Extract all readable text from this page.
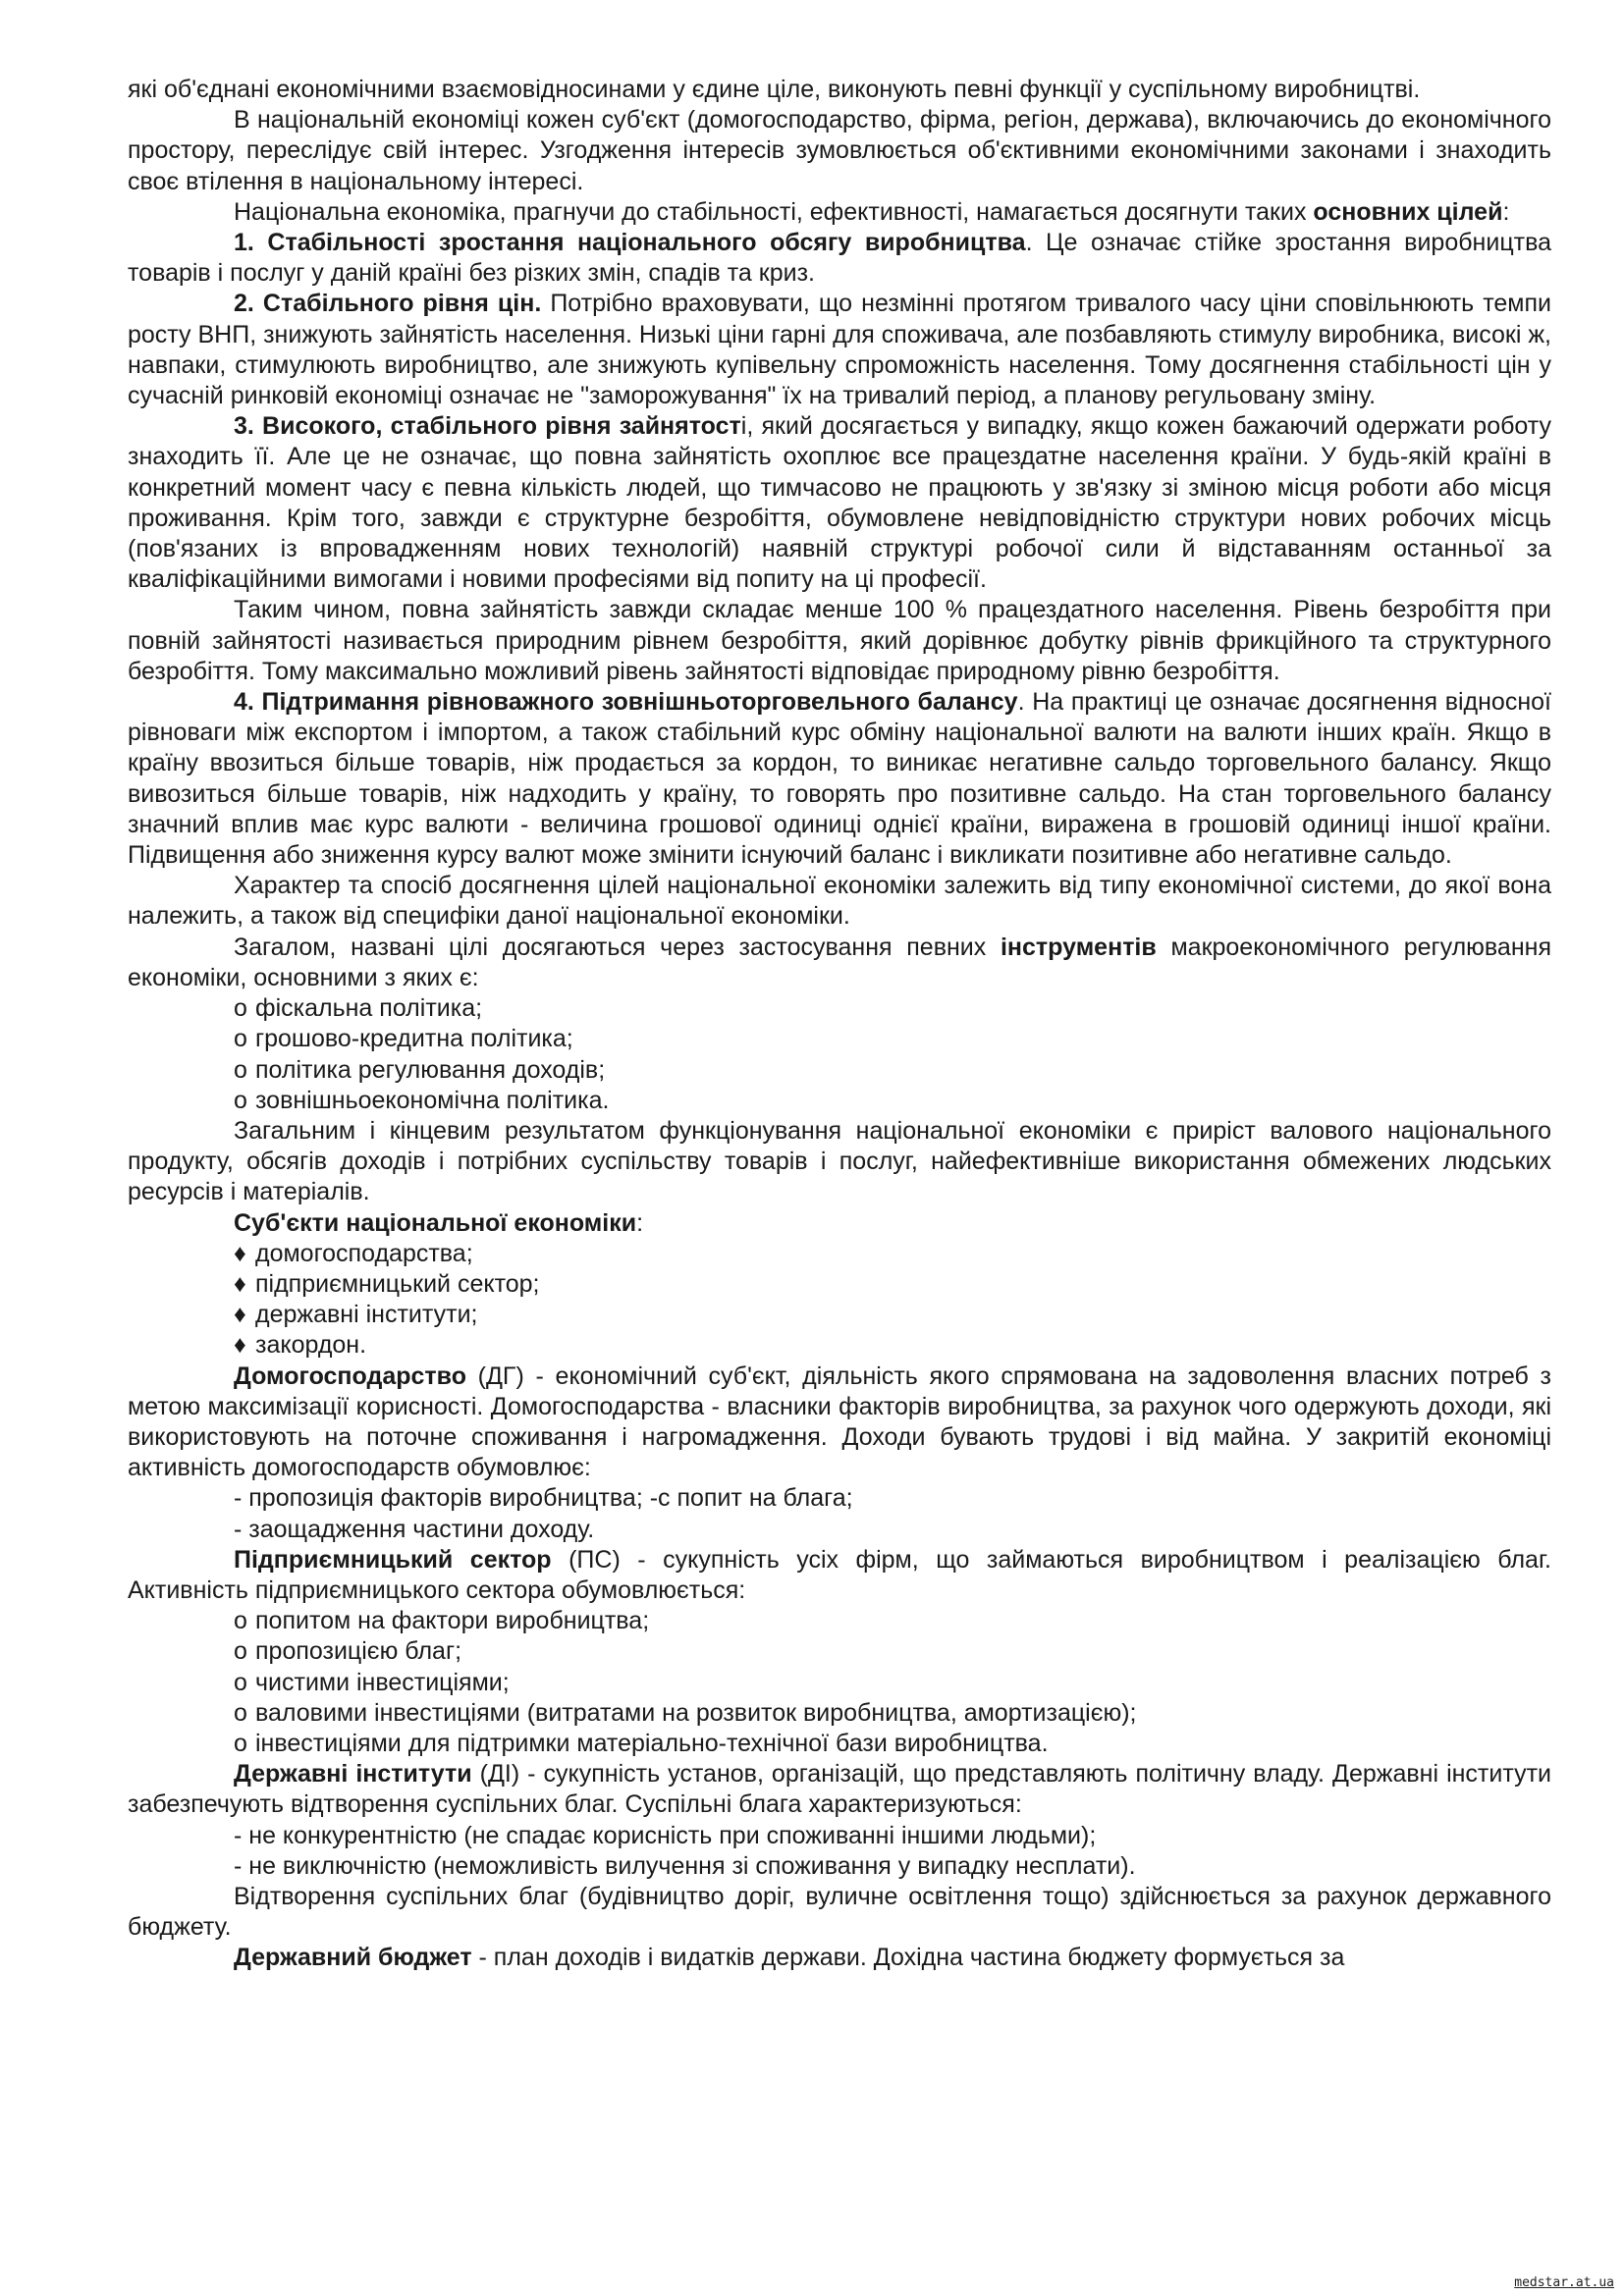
які об'єднані економічними взаємовідносинами у єдине ціле, виконують певні функції у суспільному виробництві.

В національній економіці кожен суб'єкт (домогосподарство, фірма, регіон, держава), включаючись до економічного простору, переслідує свій інтерес. Узгодження інтересів зумовлюється об'єктивними економічними законами і знаходить своє втілення в національному інтересі.

Національна економіка, прагнучи до стабільності, ефективності, намагається досягнути таких основних цілей:

1. Стабільності зростання національного обсягу виробництва. Це означає стійке зростання виробництва товарів і послуг у даній країні без різких змін, спадів та криз.

2. Стабільного рівня цін. Потрібно враховувати, що незмінні протягом тривалого часу ціни сповільнюють темпи росту ВНП, знижують зайнятість населення. Низькі ціни гарні для споживача, але позбавляють стимулу виробника, високі ж, навпаки, стимулюють виробництво, але знижують купівельну спроможність населення. Тому досягнення стабільності цін у сучасній ринковій економіці означає не "заморожування" їх на тривалий період, а планову регульовану зміну.

3. Високого, стабільного рівня зайнятості, який досягається у випадку, якщо кожен бажаючий одержати роботу знаходить її. Але це не означає, що повна зайнятість охоплює все працездатне населення країни. У будь-якій країні в конкретний момент часу є певна кількість людей, що тимчасово не працюють у зв'язку зі зміною місця роботи або місця проживання. Крім того, завжди є структурне безробіття, обумовлене невідповідністю структури нових робочих місць (пов'язаних із впровадженням нових технологій) наявній структурі робочої сили й відставанням останньої за кваліфікаційними вимогами і новими професіями від попиту на ці професії.

Таким чином, повна зайнятість завжди складає менше 100 % працездатного населення. Рівень безробіття при повній зайнятості називається природним рівнем безробіття, який дорівнює добутку рівнів фрикційного та структурного безробіття. Тому максимально можливий рівень зайнятості відповідає природному рівню безробіття.

4. Підтримання рівноважного зовнішньоторговельного балансу. На практиці це означає досягнення відносної рівноваги між експортом і імпортом, а також стабільний курс обміну національної валюти на валюти інших країн. Якщо в країну ввозиться більше товарів, ніж продається за кордон, то виникає негативне сальдо торговельного балансу. Якщо вивозиться більше товарів, ніж надходить у країну, то говорять про позитивне сальдо. На стан торговельного балансу значний вплив має курс валюти - величина грошової одиниці однієї країни, виражена в грошовій одиниці іншої країни. Підвищення або зниження курсу валют може змінити існуючий баланс і викликати позитивне або негативне сальдо.

Характер та спосіб досягнення цілей національної економіки залежить від типу економічної системи, до якої вона належить, а також від специфіки даної національної економіки.

Загалом, названі цілі досягаються через застосування певних інструментів макроекономічного регулювання економіки, основними з яких є:

о фіскальна політика;

о грошово-кредитна політика;

о політика регулювання доходів;

о зовнішньоекономічна політика.

Загальним і кінцевим результатом функціонування національної економіки є приріст валового національного продукту, обсягів доходів і потрібних суспільству товарів і послуг, найефективніше використання обмежених людських ресурсів і матеріалів.

Суб'єкти національної економіки:

♦ домогосподарства;

♦ підприємницький сектор;

♦ державні інститути;

♦ закордон.

Домогосподарство (ДГ) - економічний суб'єкт, діяльність якого спрямована на задоволення власних потреб з метою максимізації корисності. Домогосподарства - власники факторів виробництва, за рахунок чого одержують доходи, які використовують на поточне споживання і нагромадження. Доходи бувають трудові і від майна. У закритій економіці активність домогосподарств обумовлює:

- пропозиція факторів виробництва; -с попит на блага;

- заощадження частини доходу.

Підприємницький сектор (ПС) - сукупність усіх фірм, що займаються виробництвом і реалізацією благ. Активність підприємницького сектора обумовлюється:

о попитом на фактори виробництва;

о пропозицією благ;

о чистими інвестиціями;

о валовими інвестиціями (витратами на розвиток виробництва, амортизацією);

о інвестиціями для підтримки матеріально-технічної бази виробництва.

Державні інститути (ДІ) - сукупність установ, організацій, що представляють політичну владу. Державні інститути забезпечують відтворення суспільних благ. Суспільні блага характеризуються:

- не конкурентністю (не спадає корисність при споживанні іншими людьми);

- не виключністю (неможливість вилучення зі споживання у випадку несплати).

Відтворення суспільних благ (будівництво доріг, вуличне освітлення тощо) здійснюється за рахунок державного бюджету.

Державний бюджет - план доходів і видатків держави. Дохідна частина бюджету формується за

medstar.at.ua
